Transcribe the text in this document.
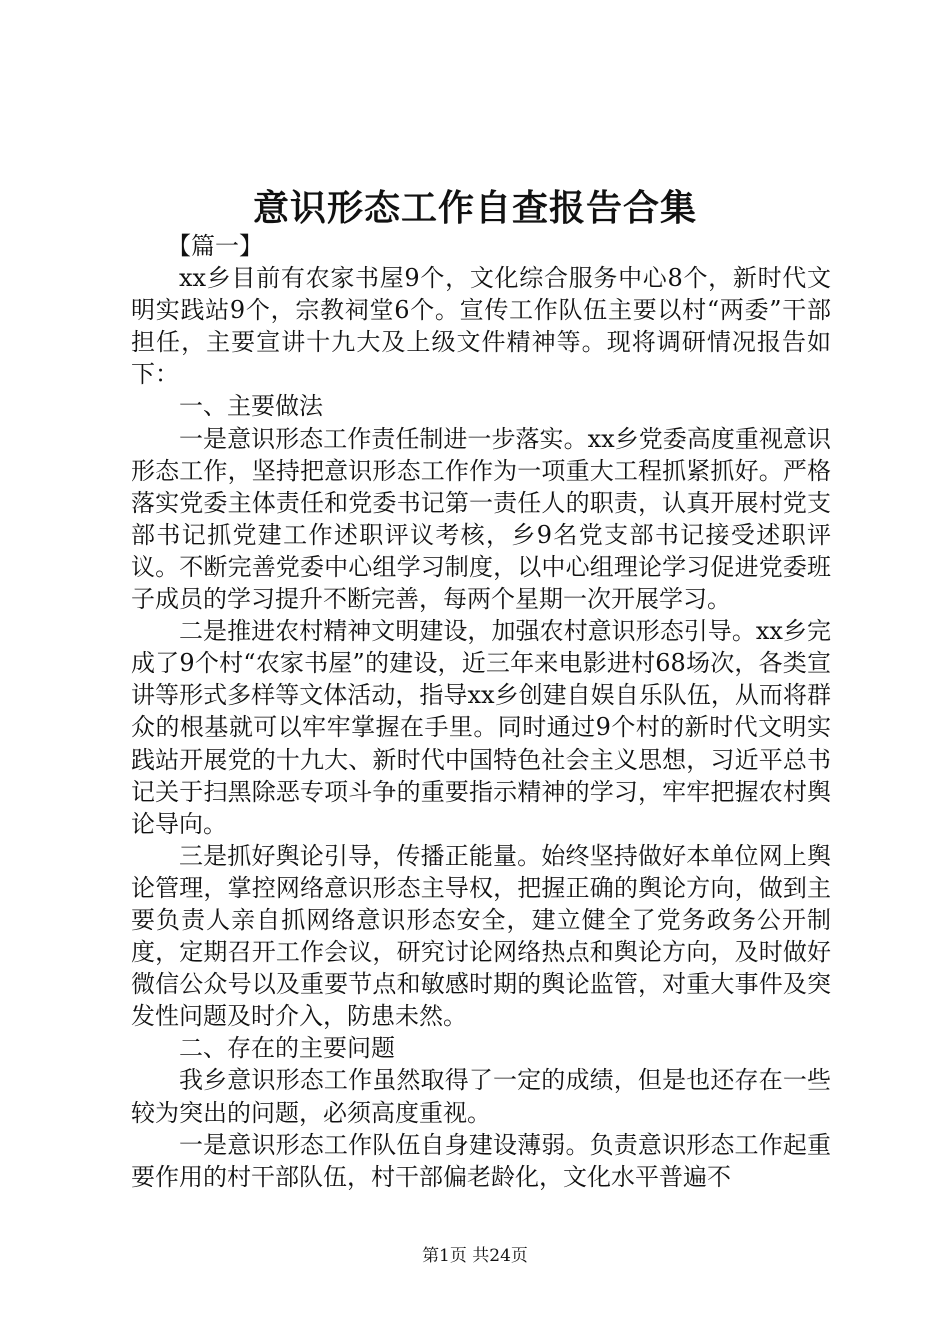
意识形态工作自查报告合集

【篇一】

xx乡目前有农家书屋9个，文化综合服务中心8个，新时代文明实践站9个，宗教祠堂6个。宣传工作队伍主要以村“两委”干部担任，主要宣讲十九大及上级文件精神等。现将调研情况报告如下：

一、主要做法

一是意识形态工作责任制进一步落实。xx乡党委高度重视意识形态工作，坚持把意识形态工作作为一项重大工程抓紧抓好。严格落实党委主体责任和党委书记第一责任人的职责，认真开展村党支部书记抓党建工作述职评议考核，乡9名党支部书记接受述职评议。不断完善党委中心组学习制度，以中心组理论学习促进党委班子成员的学习提升不断完善，每两个星期一次开展学习。

二是推进农村精神文明建设，加强农村意识形态引导。xx乡完成了9个村“农家书屋”的建设，近三年来电影进村68场次，各类宣讲等形式多样等文体活动，指导xx乡创建自娱自乐队伍，从而将群众的根基就可以牢牢掌握在手里。同时通过9个村的新时代文明实践站开展党的十九大、新时代中国特色社会主义思想，习近平总书记关于扫黑除恶专项斗争的重要指示精神的学习，牢牢把握农村舆论导向。

三是抓好舆论引导，传播正能量。始终坚持做好本单位网上舆论管理，掌控网络意识形态主导权，把握正确的舆论方向，做到主要负责人亲自抓网络意识形态安全，建立健全了党务政务公开制度，定期召开工作会议，研究讨论网络热点和舆论方向，及时做好微信公众号以及重要节点和敏感时期的舆论监管，对重大事件及突发性问题及时介入，防患未然。

二、存在的主要问题

我乡意识形态工作虽然取得了一定的成绩，但是也还存在一些较为突出的问题，必须高度重视。

一是意识形态工作队伍自身建设薄弱。负责意识形态工作起重要作用的村干部队伍，村干部偏老龄化，文化水平普遍不

第1页 共24页
